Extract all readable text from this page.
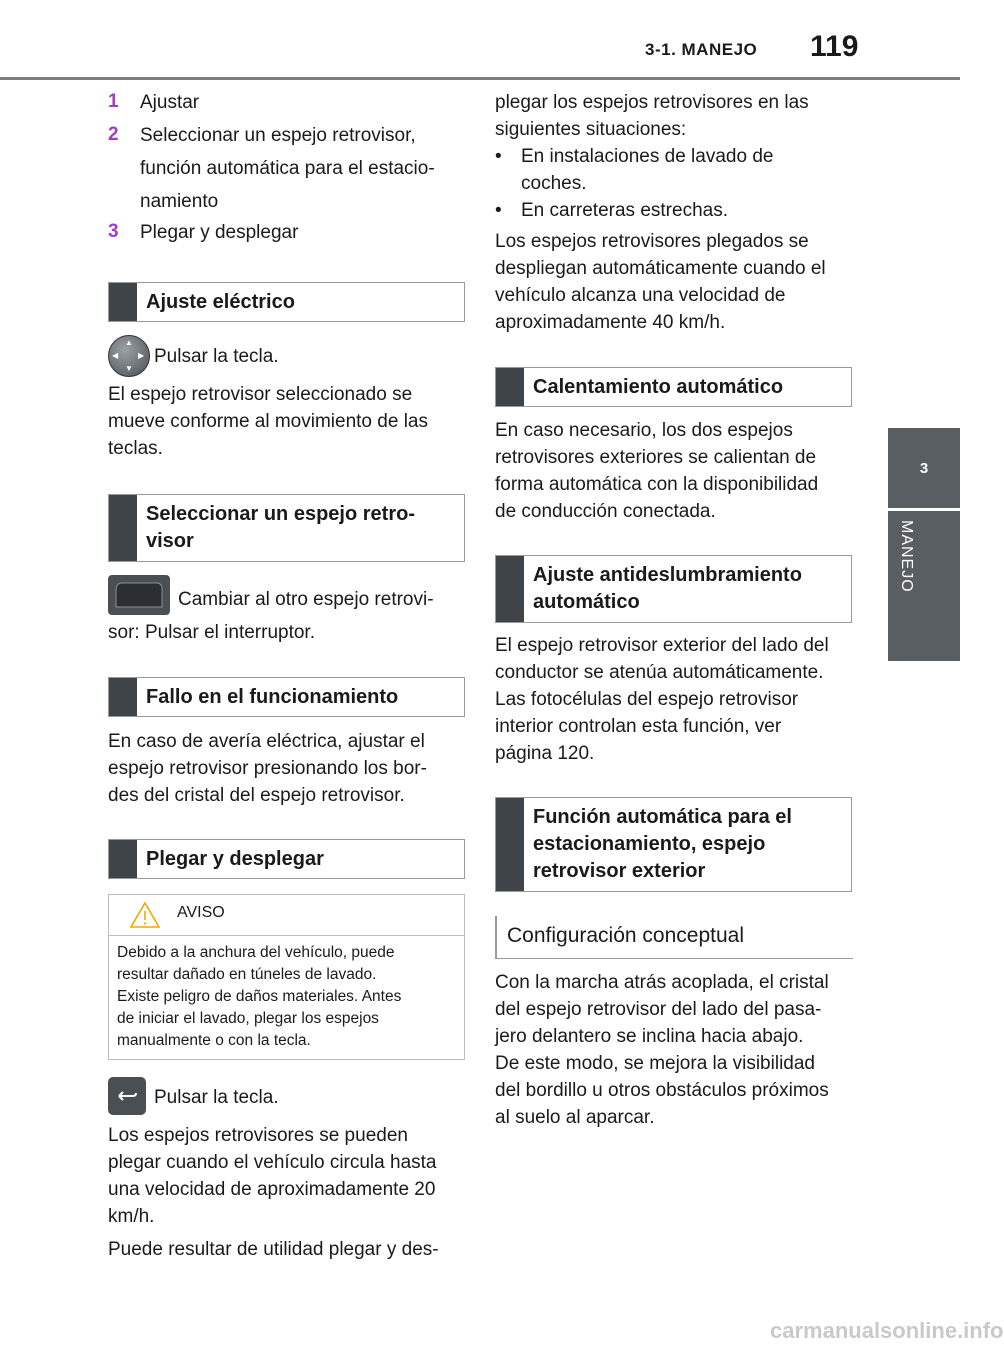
3-1. MANEJO 119
3
MANEJO
1 Ajustar
2 Seleccionar un espejo retrovisor,
función automática para el estacio-
namiento
3 Plegar y desplegar
Ajuste eléctrico
▲
▼
◀ ▶ Pulsar la tecla.
El espejo retrovisor seleccionado se
mueve conforme al movimiento de las
teclas.
Seleccionar un espejo retro-
visor
Cambiar al otro espejo retrovi-
sor: Pulsar el interruptor.
Fallo en el funcionamiento
En caso de avería eléctrica, ajustar el
espejo retrovisor presionando los bor-
des del cristal del espejo retrovisor.
Plegar y desplegar
AVISO
Debido a la anchura del vehículo, puede
resultar dañado en túneles de lavado.
Existe peligro de daños materiales. Antes
de iniciar el lavado, plegar los espejos
manualmente o con la tecla.
Pulsar la tecla.
Los espejos retrovisores se pueden
plegar cuando el vehículo circula hasta
una velocidad de aproximadamente 20
km/h.
Puede resultar de utilidad plegar y des-
plegar los espejos retrovisores en las
siguientes situaciones:
• En instalaciones de lavado de
coches.
• En carreteras estrechas.
Los espejos retrovisores plegados se
despliegan automáticamente cuando el
vehículo alcanza una velocidad de
aproximadamente 40 km/h.
Calentamiento automático
En caso necesario, los dos espejos
retrovisores exteriores se calientan de
forma automática con la disponibilidad
de conducción conectada.
Ajuste antideslumbramiento
automático
El espejo retrovisor exterior del lado del
conductor se atenúa automáticamente.
Las fotocélulas del espejo retrovisor
interior controlan esta función, ver
página 120.
Función automática para el
estacionamiento, espejo
retrovisor exterior
Configuración conceptual
Con la marcha atrás acoplada, el cristal
del espejo retrovisor del lado del pasa-
jero delantero se inclina hacia abajo.
De este modo, se mejora la visibilidad
del bordillo u otros obstáculos próximos
al suelo al aparcar.
carmanualsonline.info
